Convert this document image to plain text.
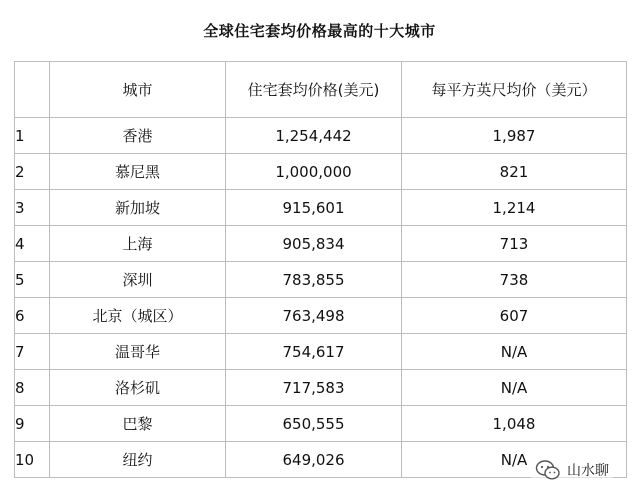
全球住宅套均价格最高的十大城市
	城市	住宅套均价格(美元)	每平方英尺均价（美元）
1	香港	1,254,442	1,987
2	慕尼黑	1,000,000	821
3	新加坡	915,601	1,214
4	上海	905,834	713
5	深圳	783,855	738
6	北京（城区）	763,498	607
7	温哥华	754,617	N/A
8	洛杉矶	717,583	N/A
9	巴黎	650,555	1,048
10	纽约	649,026	N/A
山水聊
